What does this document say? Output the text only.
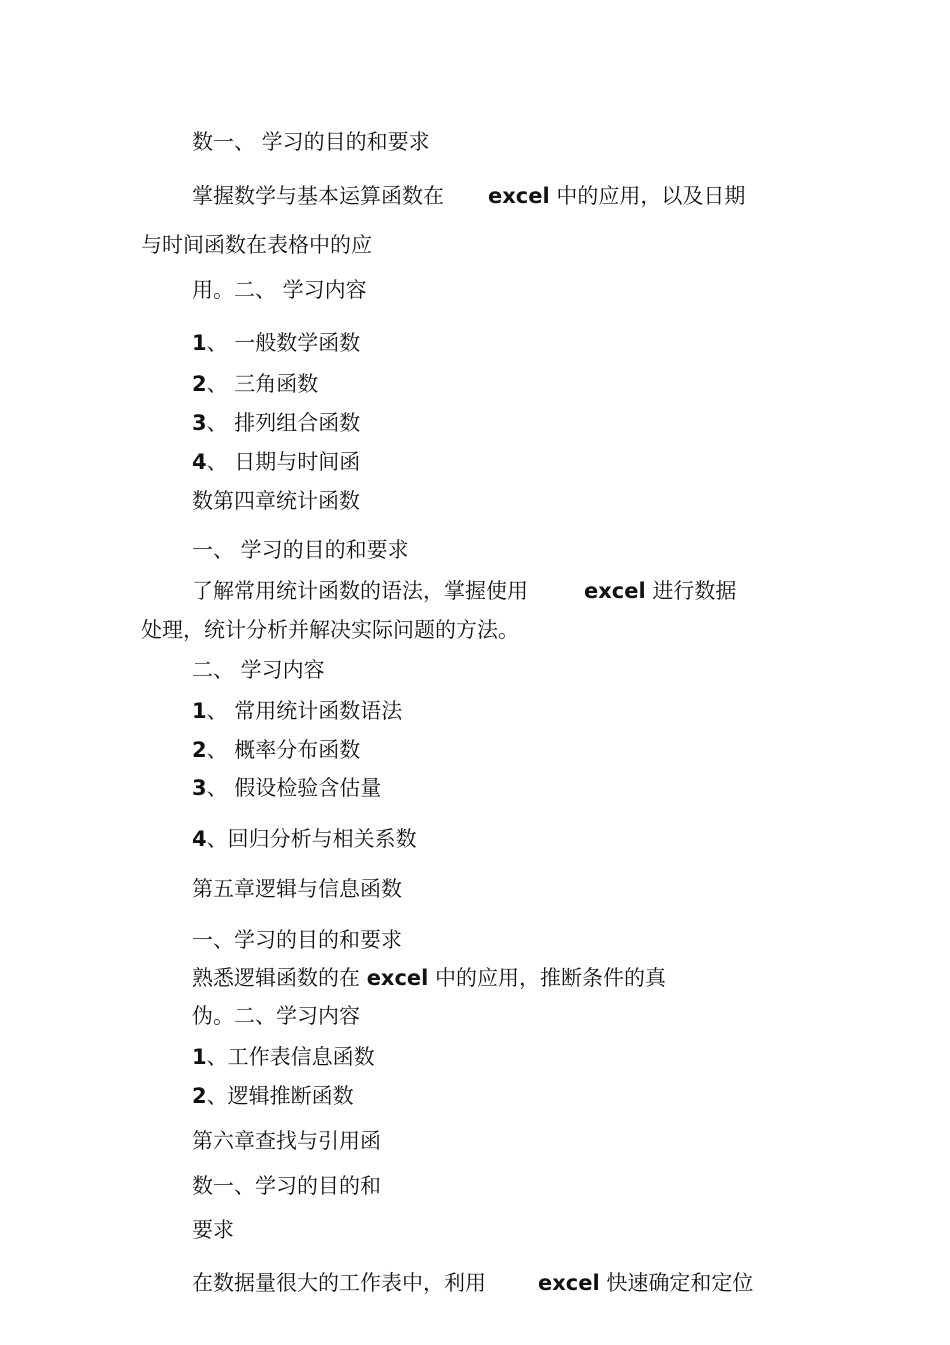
数一、 学习的目的和要求
掌握数学与基本运算函数在 excel 中的应用，以及日期
与时间函数在表格中的应
用。二、 学习内容
1、 一般数学函数
2、 三角函数
3、 排列组合函数
4、 日期与时间函
数第四章统计函数
一、 学习的目的和要求
了解常用统计函数的语法，掌握使用	excel 进行数据
处理，统计分析并解决实际问题的方法。
二、 学习内容
1、 常用统计函数语法
2、 概率分布函数
3、 假设检验含估量
4、回归分析与相关系数
第五章逻辑与信息函数
一、学习的目的和要求
熟悉逻辑函数的在 excel 中的应用，推断条件的真
伪。二、学习内容
1、工作表信息函数
2、逻辑推断函数
第六章查找与引用函
数一、学习的目的和
要求
在数据量很大的工作表中，利用 excel 快速确定和定位
